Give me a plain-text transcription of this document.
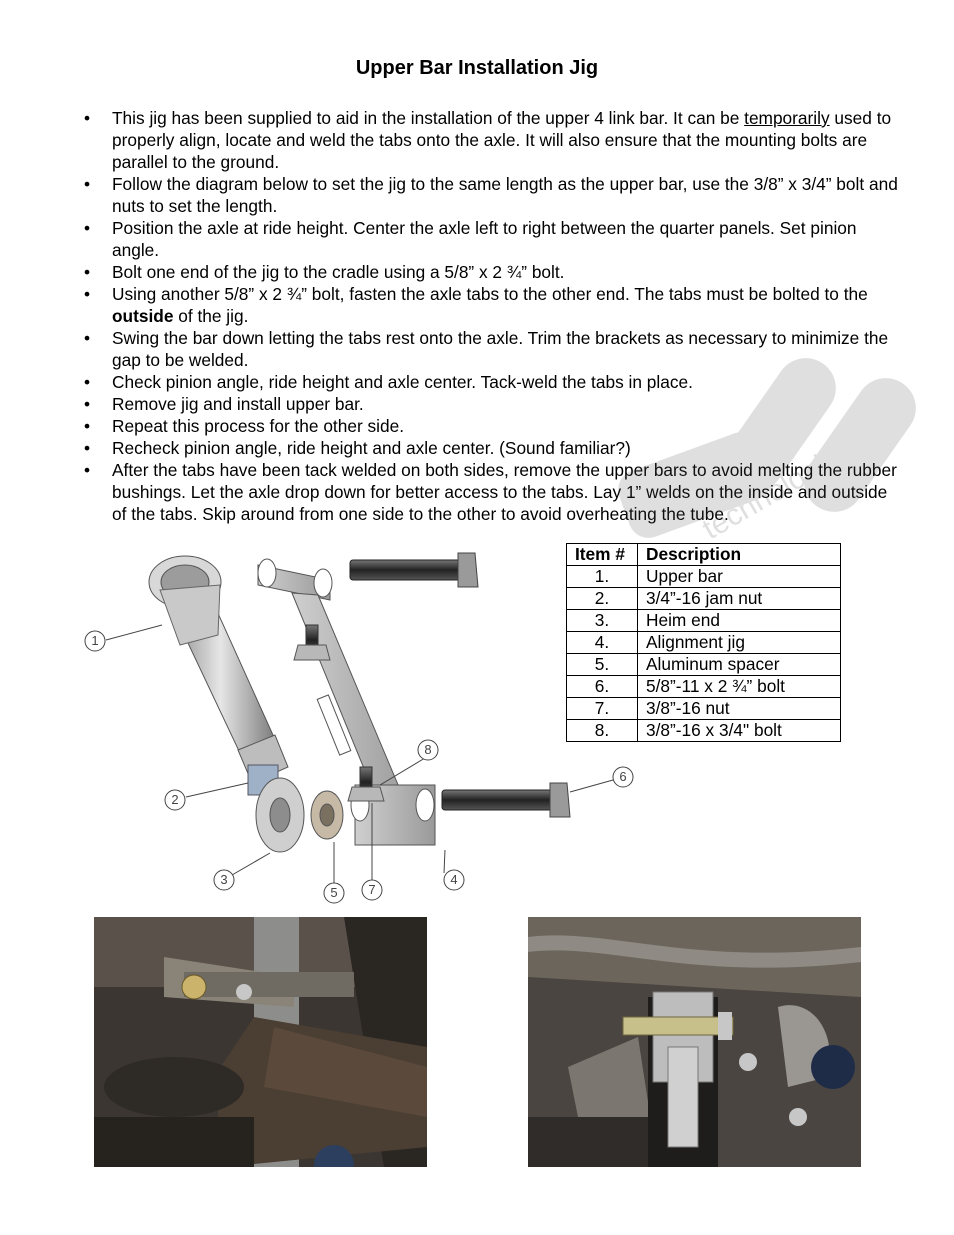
Upper Bar Installation Jig
• This jig has been supplied to aid in the installation of the upper 4 link bar. It can be temporarily used to properly align, locate and weld the tabs onto the axle. It will also ensure that the mounting bolts are parallel to the ground.
• Follow the diagram below to set the jig to the same length as the upper bar, use the 3/8” x 3/4” bolt and nuts to set the length.
• Position the axle at ride height. Center the axle left to right between the quarter panels. Set pinion angle.
• Bolt one end of the jig to the cradle using a 5/8” x 2 ¾” bolt.
• Using another 5/8” x 2 ¾” bolt, fasten the axle tabs to the other end. The tabs must be bolted to the outside of the jig.
• Swing the bar down letting the tabs rest onto the axle. Trim the brackets as necessary to minimize the gap to be welded.
• Check pinion angle, ride height and axle center. Tack-weld the tabs in place.
• Remove jig and install upper bar.
• Repeat this process for the other side.
• Recheck pinion angle, ride height and axle center. (Sound familiar?)
• After the tabs have been tack welded on both sides, remove the upper bars to avoid melting the rubber bushings. Let the axle drop down for better access to the tabs. Lay 1” welds on the inside and outside of the tabs. Skip around from one side to the other to avoid overheating the tube.
1
2
3	4
5
6
7
8
technologies
Item #	Description
1.	Upper bar
2.	3/4”-16 jam nut
3.	Heim end
4.	Alignment jig
5.	Aluminum spacer
6.	5/8”-11 x 2 ¾” bolt
7.	3/8”-16 nut
8.	3/8”-16 x 3/4" bolt
